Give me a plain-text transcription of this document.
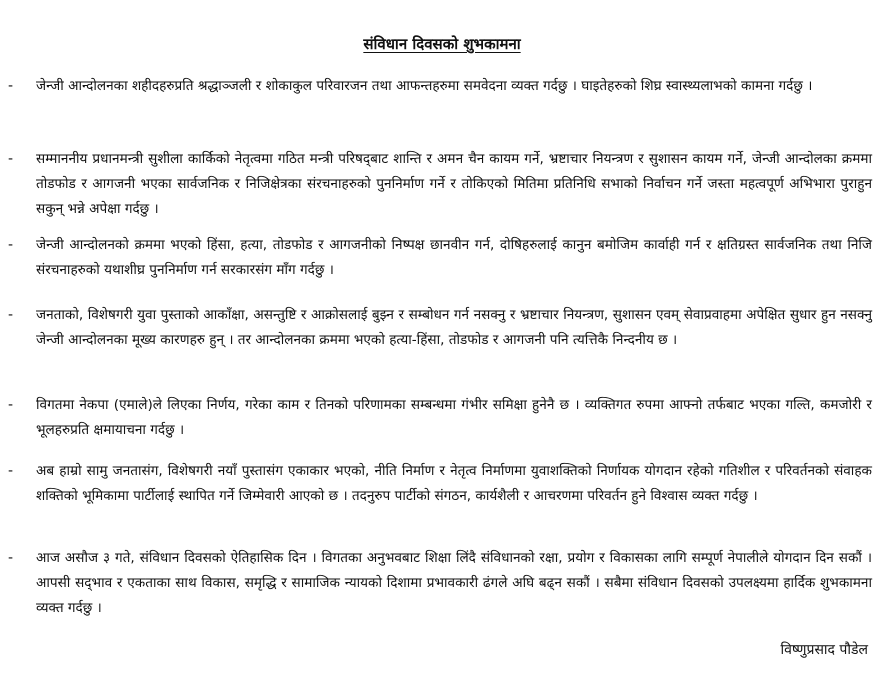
संविधान दिवसको शुभकामना
-	जेन्जी आन्दोलनका शहीदहरुप्रति श्रद्धाञ्जली र शोकाकुल परिवारजन तथा आफन्तहरुमा समवेदना व्यक्त गर्दछु । घाइतेहरुको शिघ्र स्वास्थ्यलाभको कामना गर्दछु ।
-	सम्माननीय प्रधानमन्त्री सुशीला कार्किको नेतृत्वमा गठित मन्त्री परिषद्‌बाट शान्ति र अमन चैन कायम गर्ने, भ्रष्टाचार नियन्त्रण र सुशासन कायम गर्ने, जेन्जी आन्दोलका क्रममा तोडफोड र आगजनी भएका सार्वजनिक र निजिक्षेत्रका संरचनाहरुको पुननिर्माण गर्ने र तोकिएको मितिमा प्रतिनिधि सभाको निर्वाचन गर्ने जस्ता महत्वपूर्ण अभिभारा पुराहुन सकुन् भन्ने अपेक्षा गर्दछु ।
-	जेन्जी आन्दोलनको क्रममा भएको हिंसा, हत्या, तोडफोड र आगजनीको निष्पक्ष छानवीन गर्न, दोषिहरुलाई कानुन बमोजिम कार्वाही गर्न र क्षतिग्रस्त सार्वजनिक तथा निजि संरचनाहरुको यथाशीघ्र पुननिर्माण गर्न सरकारसंग माँग गर्दछु ।
-	जनताको, विशेषगरी युवा पुस्ताको आकाँक्षा, असन्तुष्टि र आक्रोसलाई बुझ्न र सम्बोधन गर्न नसक्नु र भ्रष्टाचार नियन्त्रण, सुशासन एवम् सेवाप्रवाहमा अपेक्षित सुधार हुन नसक्नु जेन्जी आन्दोलनका मूख्य कारणहरु हुन् । तर आन्दोलनका क्रममा भएको हत्या-हिंसा, तोडफोड र आगजनी पनि त्यत्तिकै निन्दनीय छ ।
-	विगतमा नेकपा (एमाले)ले लिएका निर्णय, गरेका काम र तिनको परिणामका सम्बन्धमा गंभीर समिक्षा हुनेनै छ । व्यक्तिगत रुपमा आफ्नो तर्फबाट भएका गल्ति, कमजोरी र भूलहरुप्रति क्षमायाचना गर्दछु ।
-	अब हाम्रो सामु जनतासंग, विशेषगरी नयाँ पुस्तासंग एकाकार भएको, नीति निर्माण र नेतृत्व निर्माणमा युवाशक्तिको निर्णायक योगदान रहेको गतिशील र परिवर्तनको संवाहक शक्तिको भूमिकामा पार्टीलाई स्थापित गर्ने जिम्मेवारी आएको छ । तदनुरुप पार्टीको संगठन, कार्यशैली र आचरणमा परिवर्तन हुने विश्वास व्यक्त गर्दछु ।
-	आज असौज ३ गते, संविधान दिवसको ऐतिहासिक दिन । विगतका अनुभवबाट शिक्षा लिंदै संविधानको रक्षा, प्रयोग र विकासका लागि सम्पूर्ण नेपालीले योगदान दिन सकौं । आपसी सद्‌भाव र एकताका साथ विकास, समृद्धि र सामाजिक न्यायको दिशामा प्रभावकारी ढंगले अघि बढ्न सकौं । सबैमा संविधान दिवसको उपलक्ष्यमा हार्दिक शुभकामना व्यक्त गर्दछु ।
विष्णुप्रसाद पौडेल
